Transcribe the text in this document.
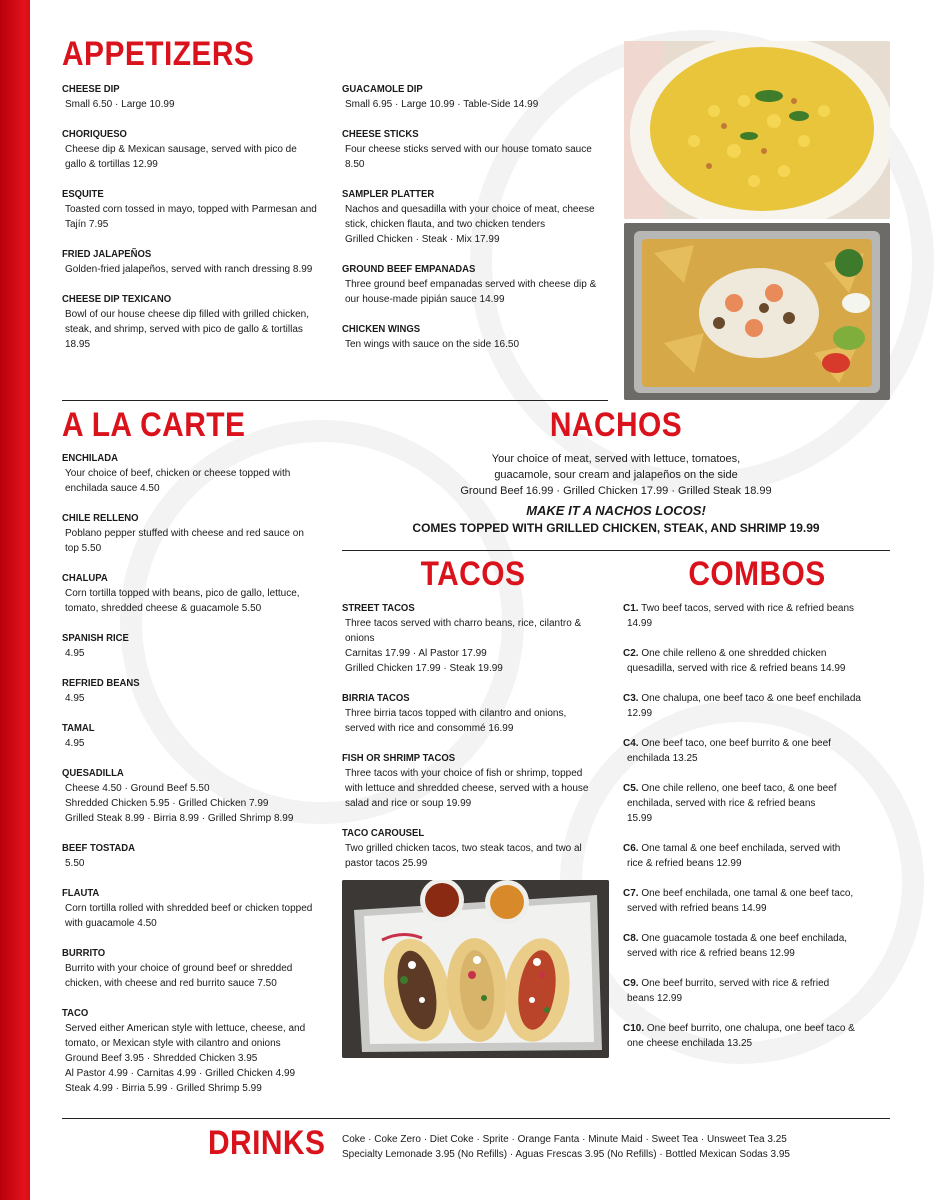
APPETIZERS
CHEESE DIP
Small 6.50 · Large 10.99
CHORIQUESO
Cheese dip & Mexican sausage, served with pico de
gallo & tortillas 12.99
ESQUITE
Toasted corn tossed in mayo, topped with Parmesan and
Tajín 7.95
FRIED JALAPEÑOS
Golden-fried jalapeños, served with ranch dressing 8.99
CHEESE DIP TEXICANO
Bowl of our house cheese dip filled with grilled chicken,
steak, and shrimp, served with pico de gallo & tortillas
18.95
GUACAMOLE DIP
Small 6.95 · Large 10.99 · Table-Side 14.99
CHEESE STICKS
Four cheese sticks served with our house tomato sauce
8.50
SAMPLER PLATTER
Nachos and quesadilla with your choice of meat, cheese
stick, chicken flauta, and two chicken tenders
Grilled Chicken · Steak · Mix 17.99
GROUND BEEF EMPANADAS
Three ground beef empanadas served with cheese dip &
our house-made pipián sauce 14.99
CHICKEN WINGS
Ten wings with sauce on the side 16.50
A LA CARTE
ENCHILADA
Your choice of beef, chicken or cheese topped with
enchilada sauce 4.50
CHILE RELLENO
Poblano pepper stuffed with cheese and red sauce on
top 5.50
CHALUPA
Corn tortilla topped with beans, pico de gallo, lettuce,
tomato, shredded cheese & guacamole 5.50
SPANISH RICE
4.95
REFRIED BEANS
4.95
TAMAL
4.95
QUESADILLA
Cheese 4.50 · Ground Beef 5.50
Shredded Chicken 5.95 · Grilled Chicken 7.99
Grilled Steak 8.99 · Birria 8.99 · Grilled Shrimp 8.99
BEEF TOSTADA
5.50
FLAUTA
Corn tortilla rolled with shredded beef or chicken topped
with guacamole 4.50
BURRITO
Burrito with your choice of ground beef or shredded
chicken, with cheese and red burrito sauce 7.50
TACO
Served either American style with lettuce, cheese, and
tomato, or Mexican style with cilantro and onions
Ground Beef 3.95 · Shredded Chicken 3.95
Al Pastor 4.99 · Carnitas 4.99 · Grilled Chicken 4.99
Steak 4.99 · Birria 5.99 · Grilled Shrimp 5.99
NACHOS
Your choice of meat, served with lettuce, tomatoes,
guacamole, sour cream and jalapeños on the side
Ground Beef 16.99 · Grilled Chicken 17.99 · Grilled Steak 18.99
MAKE IT A NACHOS LOCOS!
COMES TOPPED WITH GRILLED CHICKEN, STEAK, AND SHRIMP 19.99
TACOS
STREET TACOS
Three tacos served with charro beans, rice, cilantro &
onions
Carnitas 17.99 · Al Pastor 17.99
Grilled Chicken 17.99 · Steak 19.99
BIRRIA TACOS
Three birria tacos topped with cilantro and onions,
served with rice and consommé 16.99
FISH OR SHRIMP TACOS
Three tacos with your choice of fish or shrimp, topped
with lettuce and shredded cheese, served with a house
salad and rice or soup 19.99
TACO CAROUSEL
Two grilled chicken tacos, two steak tacos, and two al
pastor tacos 25.99
COMBOS
C1. Two beef tacos, served with rice & refried beans
14.99
C2. One chile relleno & one shredded chicken
quesadilla, served with rice & refried beans 14.99
C3. One chalupa, one beef taco & one beef enchilada
12.99
C4. One beef taco, one beef burrito & one beef
enchilada 13.25
C5. One chile relleno, one beef taco, & one beef
enchilada, served with rice & refried beans
15.99
C6. One tamal & one beef enchilada, served with
rice & refried beans 12.99
C7. One beef enchilada, one tamal & one beef taco,
served with refried beans 14.99
C8. One guacamole tostada & one beef enchilada,
served with rice & refried beans 12.99
C9. One beef burrito, served with rice & refried
beans 12.99
C10. One beef burrito, one chalupa, one beef taco &
one cheese enchilada 13.25
DRINKS Coke · Coke Zero · Diet Coke · Sprite · Orange Fanta · Minute Maid · Sweet Tea · Unsweet Tea 3.25
Specialty Lemonade 3.95 (No Refills) · Aguas Frescas 3.95 (No Refills) · Bottled Mexican Sodas 3.95
